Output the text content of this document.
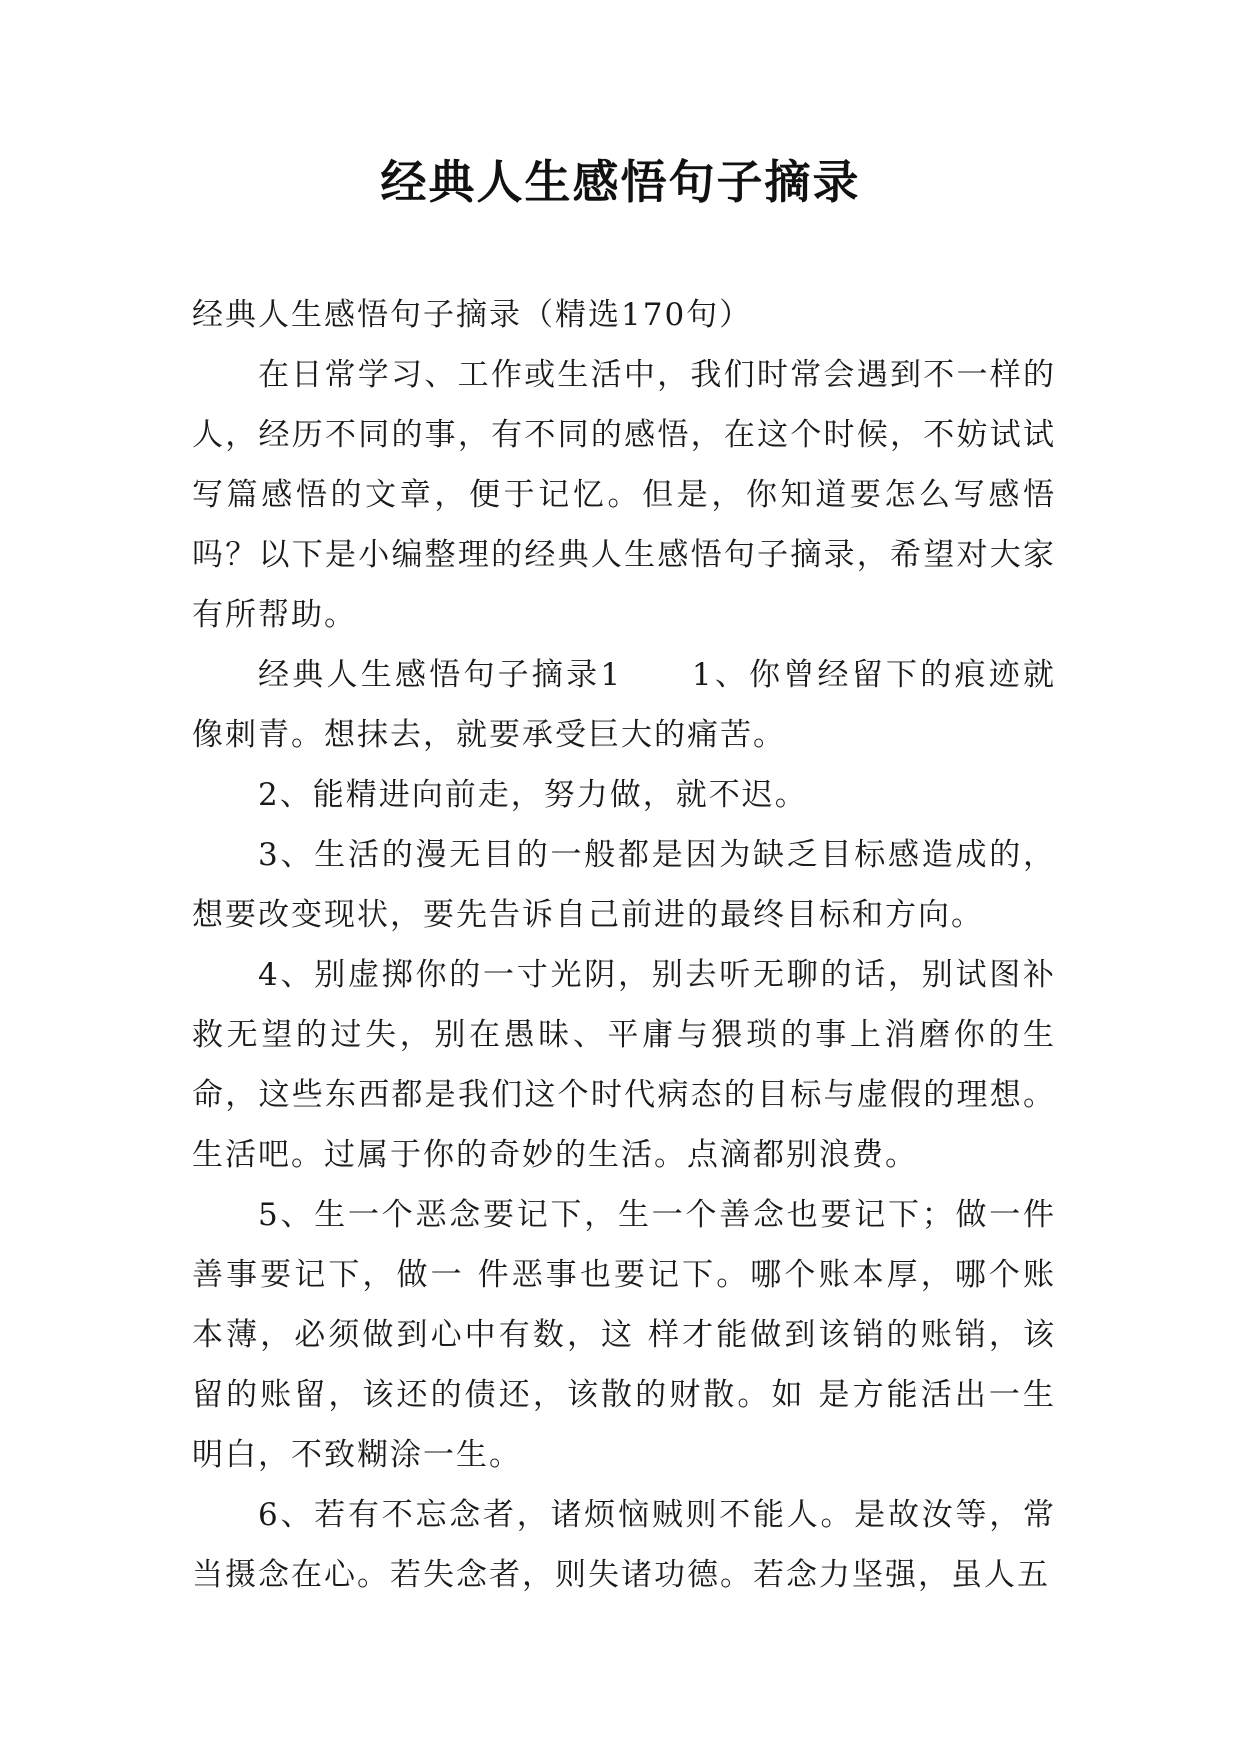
经典人生感悟句子摘录

经典人生感悟句子摘录（精选170句）

在日常学习、工作或生活中，我们时常会遇到不一样的人，经历不同的事，有不同的感悟，在这个时候，不妨试试写篇感悟的文章，便于记忆。但是，你知道要怎么写感悟吗？以下是小编整理的经典人生感悟句子摘录，希望对大家有所帮助。

经典人生感悟句子摘录1　　1、你曾经留下的痕迹就像刺青。想抹去，就要承受巨大的痛苦。

2、能精进向前走，努力做，就不迟。

3、生活的漫无目的一般都是因为缺乏目标感造成的，想要改变现状，要先告诉自己前进的最终目标和方向。

4、别虚掷你的一寸光阴，别去听无聊的话，别试图补救无望的过失，别在愚昧、平庸与猥琐的事上消磨你的生命，这些东西都是我们这个时代病态的目标与虚假的理想。生活吧。过属于你的奇妙的生活。点滴都别浪费。

5、生一个恶念要记下，生一个善念也要记下；做一件善事要记下，做一 件恶事也要记下。哪个账本厚，哪个账本薄，必须做到心中有数，这 样才能做到该销的账销，该留的账留，该还的债还，该散的财散。如 是方能活出一生明白，不致糊涂一生。

6、若有不忘念者，诸烦恼贼则不能人。是故汝等，常当摄念在心。若失念者，则失诸功德。若念力坚强，虽人五
